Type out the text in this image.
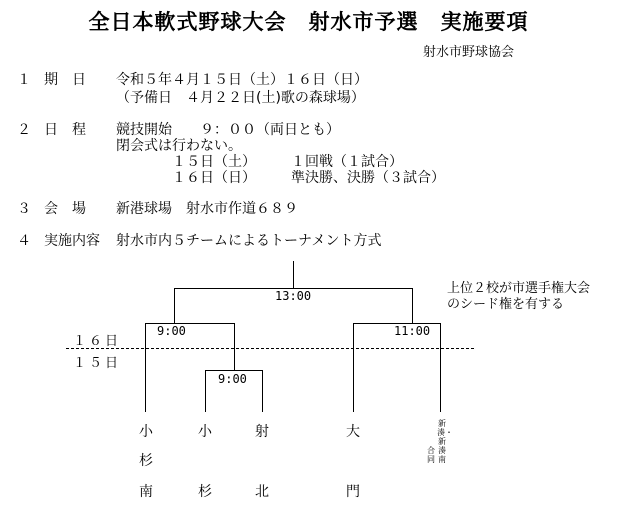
全日本軟式野球大会　射水市予選　実施要項
射水市野球協会
１ 期　日 令和５年４月１５日（土）１６日（日）
（予備日　４月２２日(土)歌の森球場）
２ 日　程 競技開始　　９：００（両日とも）
閉会式は行わない。
１５日（土）　　　１回戦（１試合）
１６日（日）　　　準決勝、決勝（３試合）
３ 会　場 新港球場　射水市作道６８９
４ 実施内容 射水市内５チームによるトーナメント方式
上位２校が市選手権大会
のシード権を有する
１６日
１５日
13:00
9:00	11:00
9:00
小
杉
南
小
杉
射
北
大
門
新湊・新湊南
合同
